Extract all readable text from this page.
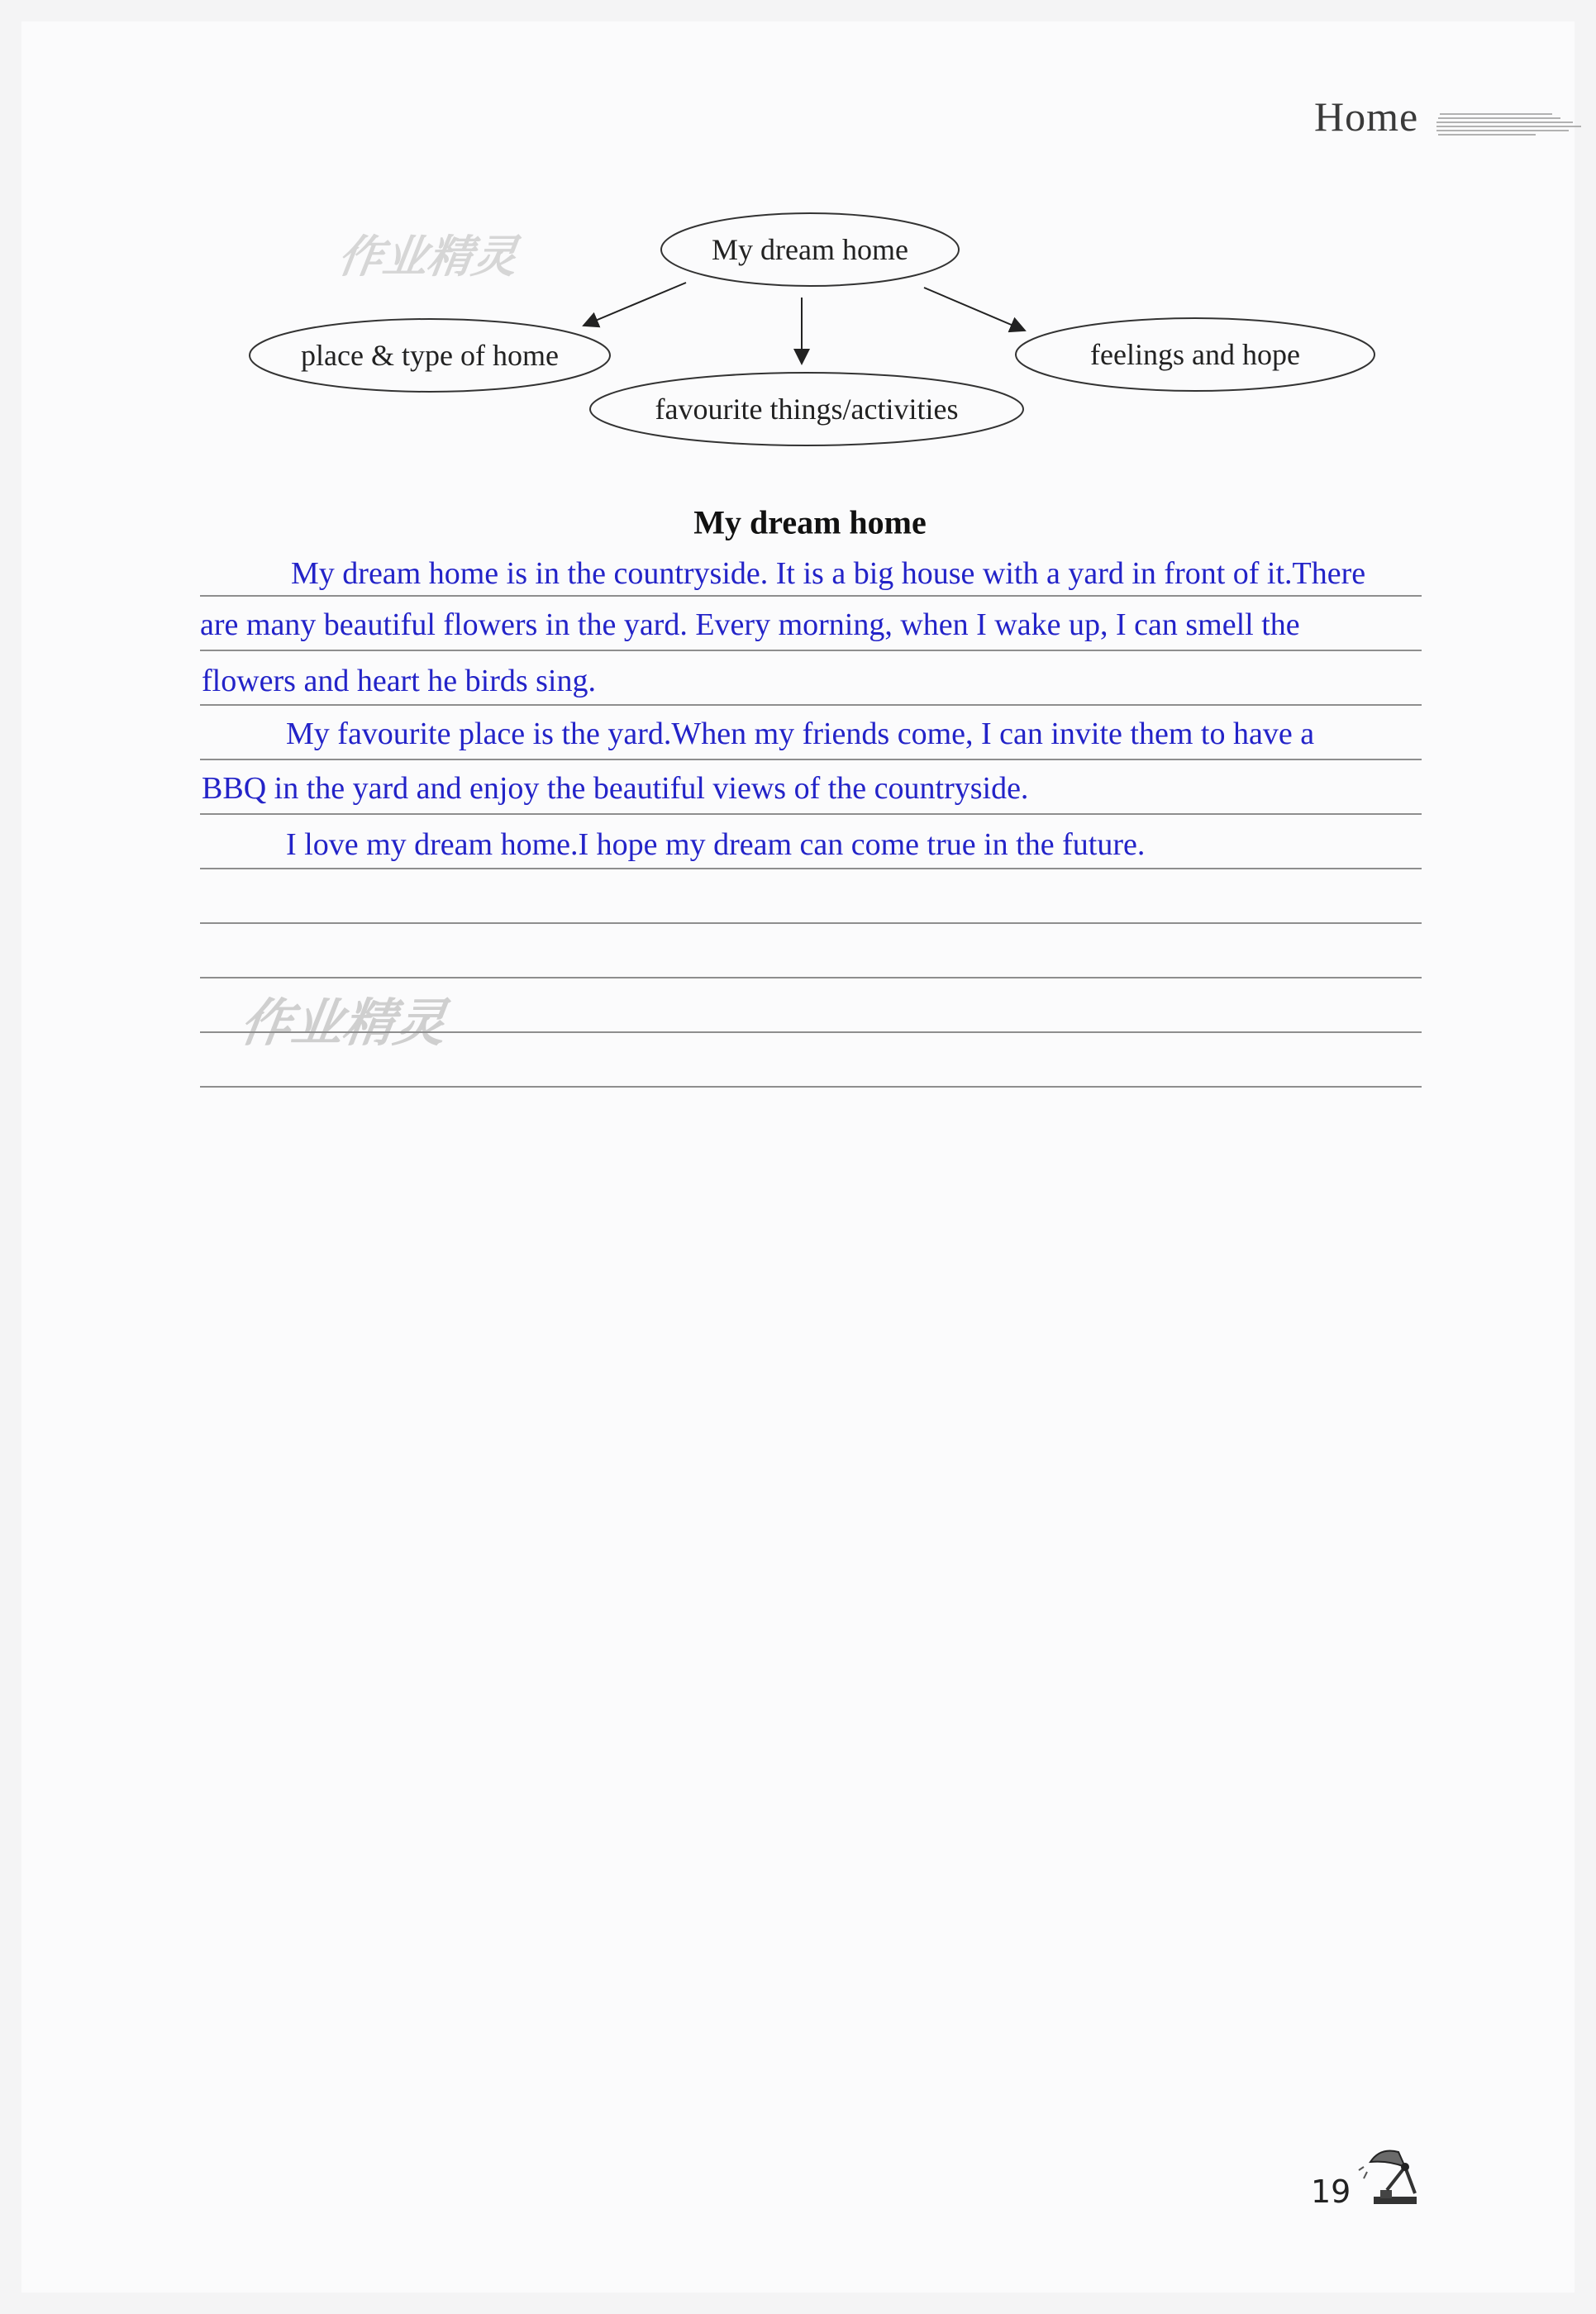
Home
作业精灵
作业精灵
My dream home
place & type of home
favourite things/activities
feelings and hope
My dream home
My dream home is in the countryside. It is a big house with a yard in front of it.There
are many beautiful flowers in the yard. Every morning, when I wake up, I can smell the
flowers and heart he birds sing.
My favourite place is the yard.When my friends come, I can invite them to have a
BBQ in the yard and enjoy the beautiful views of the countryside.
I love my dream home.I hope my dream can come true in the future.
19
